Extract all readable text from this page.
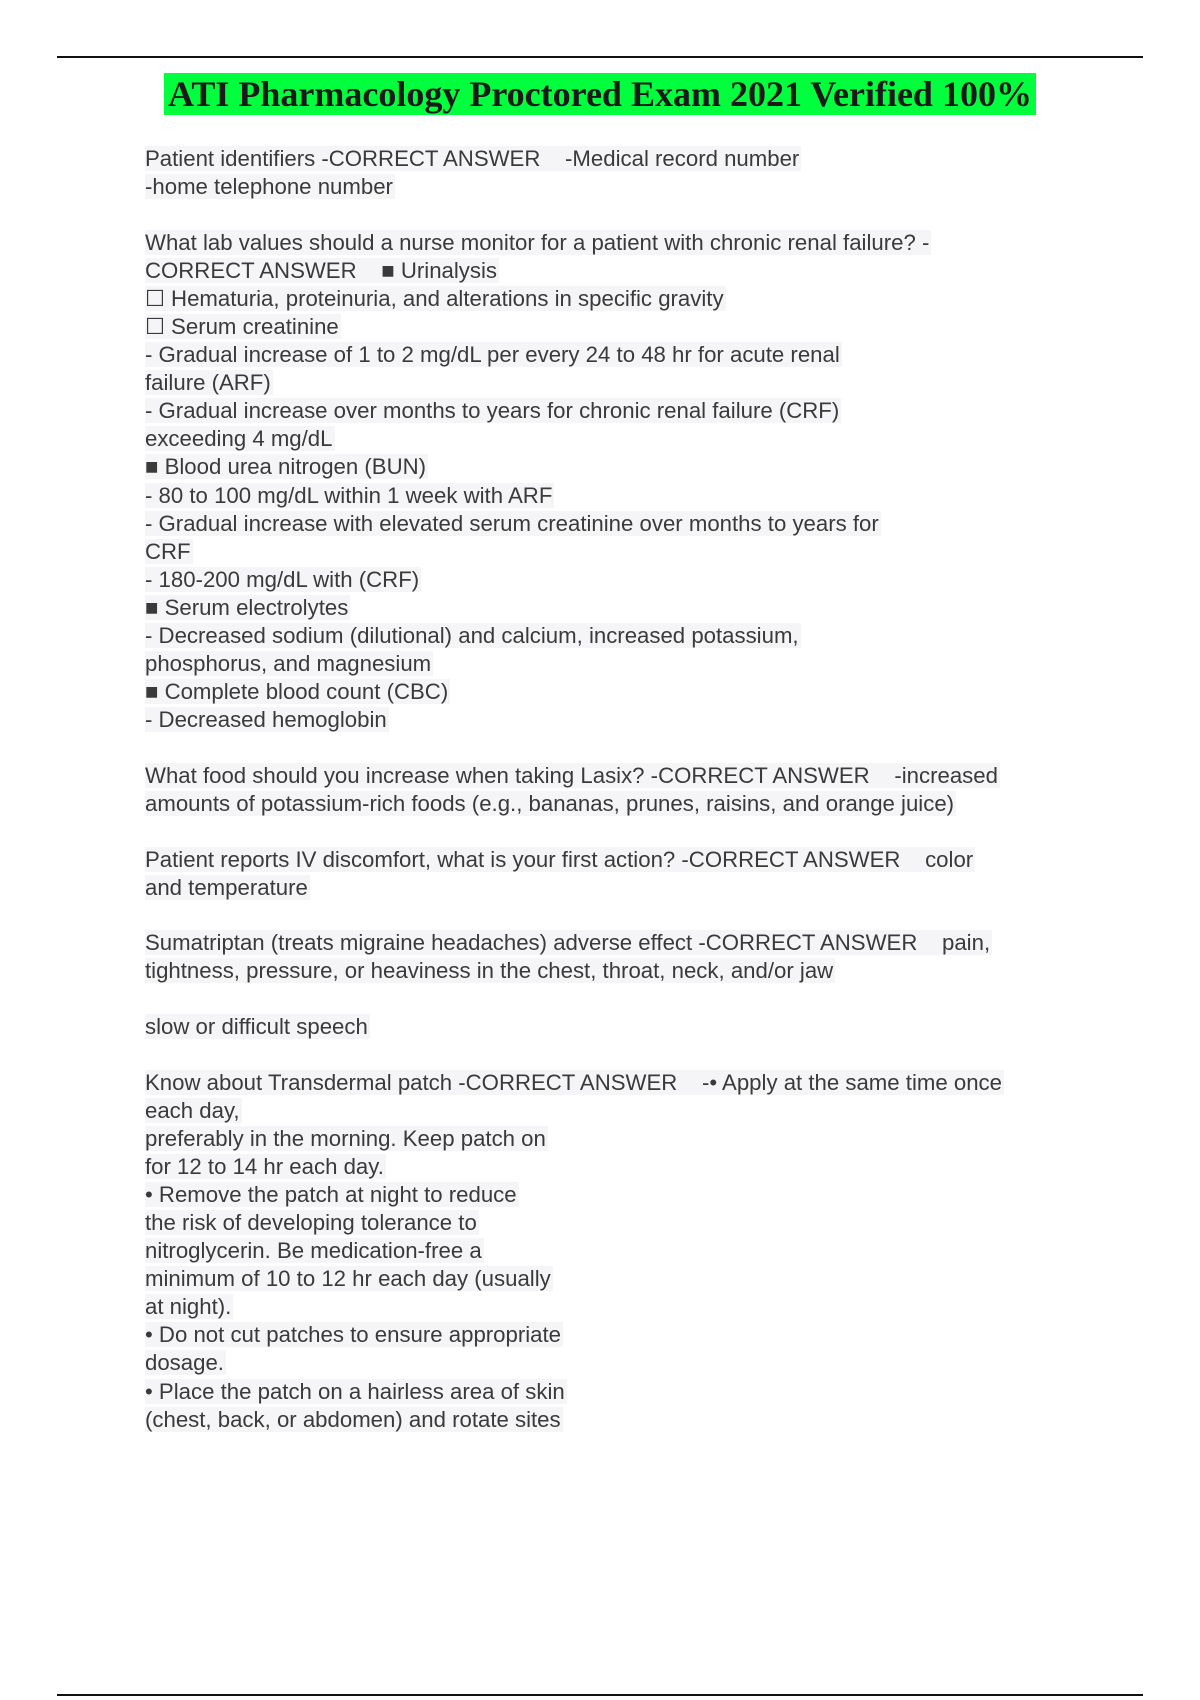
ATI Pharmacology Proctored Exam 2021 Verified 100%
Patient identifiers -CORRECT ANSWER    -Medical record number
-home telephone number
What lab values should a nurse monitor for a patient with chronic renal failure? -
CORRECT ANSWER    ■ Urinalysis
☐ Hematuria, proteinuria, and alterations in specific gravity
☐ Serum creatinine
- Gradual increase of 1 to 2 mg/dL per every 24 to 48 hr for acute renal
failure (ARF)
- Gradual increase over months to years for chronic renal failure (CRF)
exceeding 4 mg/dL
■ Blood urea nitrogen (BUN)
- 80 to 100 mg/dL within 1 week with ARF
- Gradual increase with elevated serum creatinine over months to years for
CRF
- 180-200 mg/dL with (CRF)
■ Serum electrolytes
- Decreased sodium (dilutional) and calcium, increased potassium,
phosphorus, and magnesium
■ Complete blood count (CBC)
- Decreased hemoglobin
What food should you increase when taking Lasix? -CORRECT ANSWER    -increased
amounts of potassium-rich foods (e.g., bananas, prunes, raisins, and orange juice)
Patient reports IV discomfort, what is your first action? -CORRECT ANSWER    color
and temperature
Sumatriptan (treats migraine headaches) adverse effect -CORRECT ANSWER    pain,
tightness, pressure, or heaviness in the chest, throat, neck, and/or jaw
slow or difficult speech
Know about Transdermal patch -CORRECT ANSWER    -• Apply at the same time once
each day,
preferably in the morning. Keep patch on
for 12 to 14 hr each day.
• Remove the patch at night to reduce
the risk of developing tolerance to
nitroglycerin. Be medication-free a
minimum of 10 to 12 hr each day (usually
at night).
• Do not cut patches to ensure appropriate
dosage.
• Place the patch on a hairless area of skin
(chest, back, or abdomen) and rotate sites
